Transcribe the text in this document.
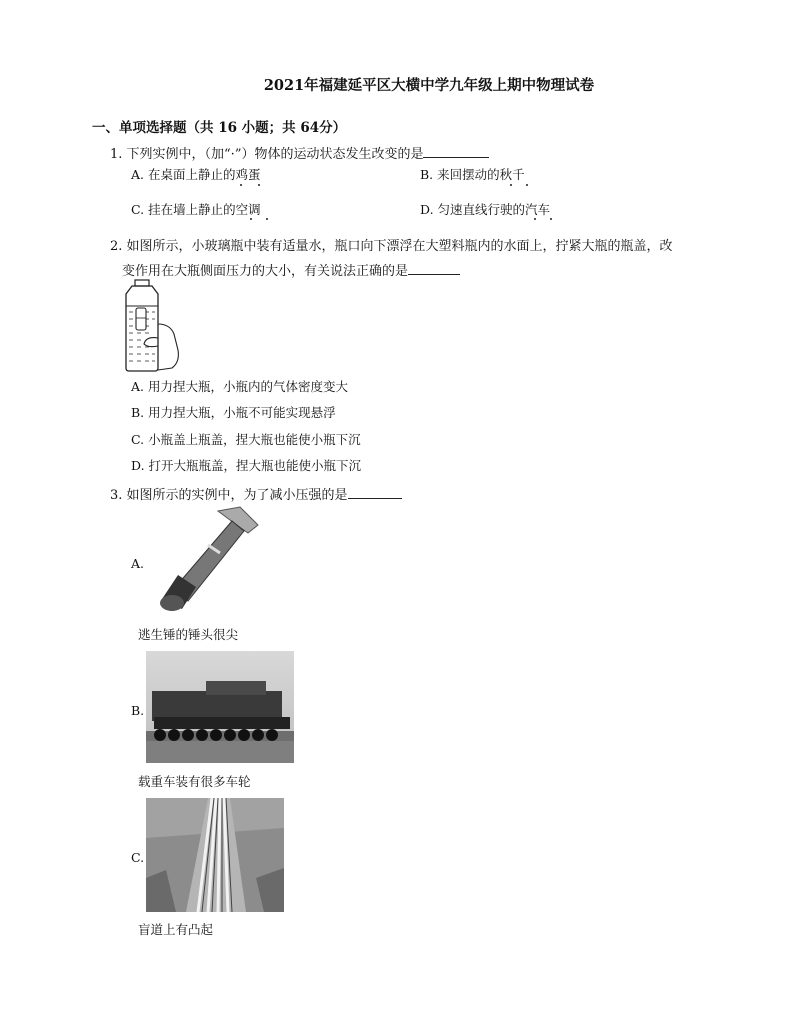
2021年福建延平区大横中学九年级上期中物理试卷
一、单项选择题（共 16 小题；共 64分）
1. 下列实例中，（加“·”）物体的运动状态发生改变的是
A. 在桌面上静止的鸡蛋	B. 来回摆动的秋千
C. 挂在墙上静止的空调	D. 匀速直线行驶的汽车
2. 如图所示，小玻璃瓶中装有适量水，瓶口向下漂浮在大塑料瓶内的水面上，拧紧大瓶的瓶盖，改
变作用在大瓶侧面压力的大小，有关说法正确的是
A. 用力捏大瓶，小瓶内的气体密度变大
B. 用力捏大瓶，小瓶不可能实现悬浮
C. 小瓶盖上瓶盖，捏大瓶也能使小瓶下沉
D. 打开大瓶瓶盖，捏大瓶也能使小瓶下沉
3. 如图所示的实例中，为了减小压强的是
A.
逃生锤的锤头很尖
B.
载重车装有很多车轮
C.
盲道上有凸起
